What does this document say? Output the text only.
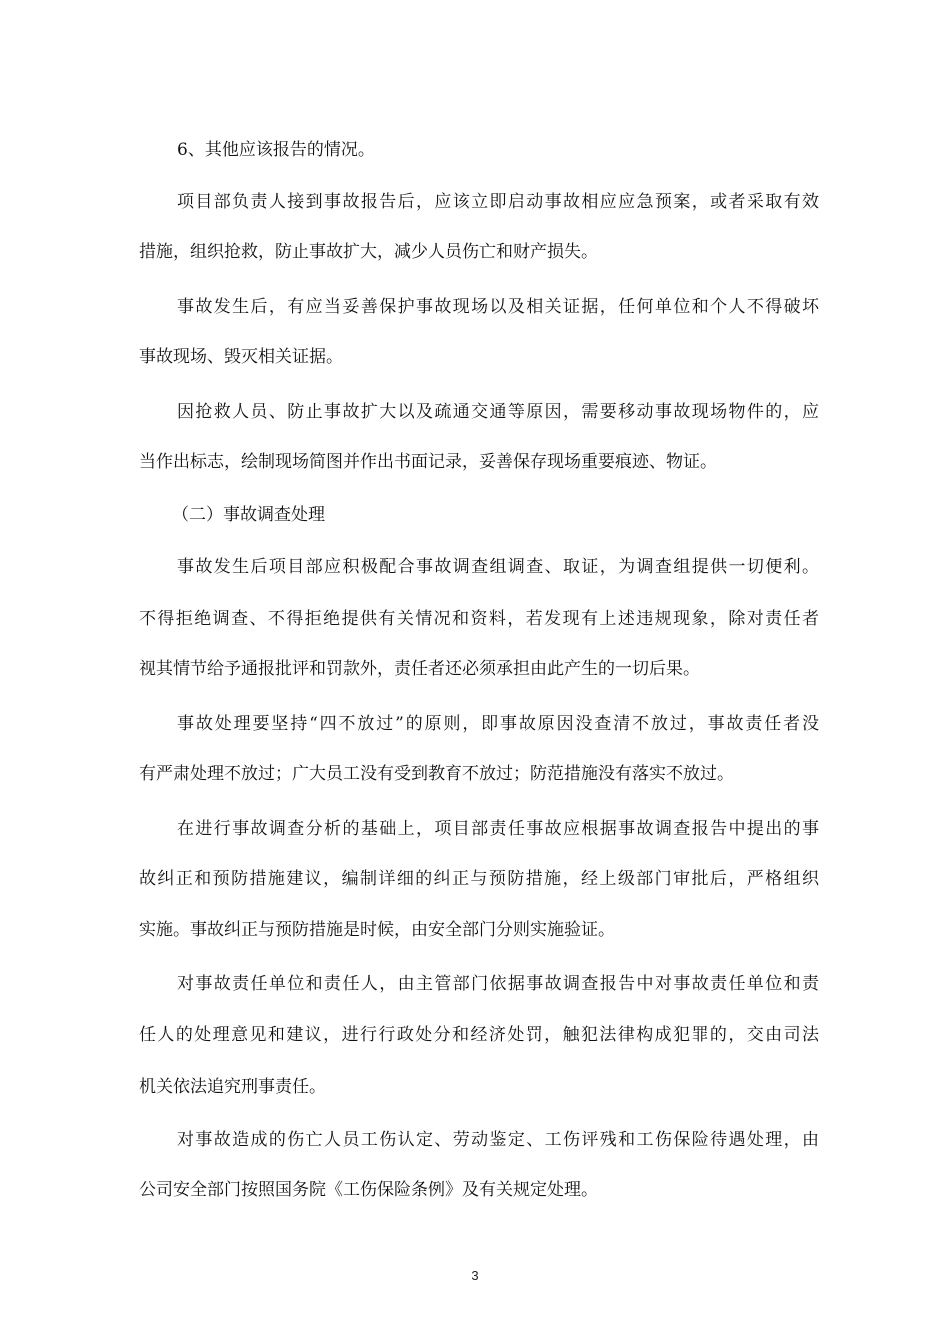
6、其他应该报告的情况。
项目部负责人接到事故报告后，应该立即启动事故相应应急预案，或者采取有效
措施，组织抢救，防止事故扩大，减少人员伤亡和财产损失。
事故发生后，有应当妥善保护事故现场以及相关证据，任何单位和个人不得破坏
事故现场、毁灭相关证据。
因抢救人员、防止事故扩大以及疏通交通等原因，需要移动事故现场物件的，应
当作出标志，绘制现场简图并作出书面记录，妥善保存现场重要痕迹、物证。
（二）事故调查处理
事故发生后项目部应积极配合事故调查组调查、取证，为调查组提供一切便利。
不得拒绝调查、不得拒绝提供有关情况和资料，若发现有上述违规现象，除对责任者
视其情节给予通报批评和罚款外，责任者还必须承担由此产生的一切后果。
事故处理要坚持“四不放过”的原则，即事故原因没查清不放过，事故责任者没
有严肃处理不放过；广大员工没有受到教育不放过；防范措施没有落实不放过。
在进行事故调查分析的基础上，项目部责任事故应根据事故调查报告中提出的事
故纠正和预防措施建议，编制详细的纠正与预防措施，经上级部门审批后，严格组织
实施。事故纠正与预防措施是时候，由安全部门分则实施验证。
对事故责任单位和责任人，由主管部门依据事故调查报告中对事故责任单位和责
任人的处理意见和建议，进行行政处分和经济处罚，触犯法律构成犯罪的，交由司法
机关依法追究刑事责任。
对事故造成的伤亡人员工伤认定、劳动鉴定、工伤评残和工伤保险待遇处理，由
公司安全部门按照国务院《工伤保险条例》及有关规定处理。
3
